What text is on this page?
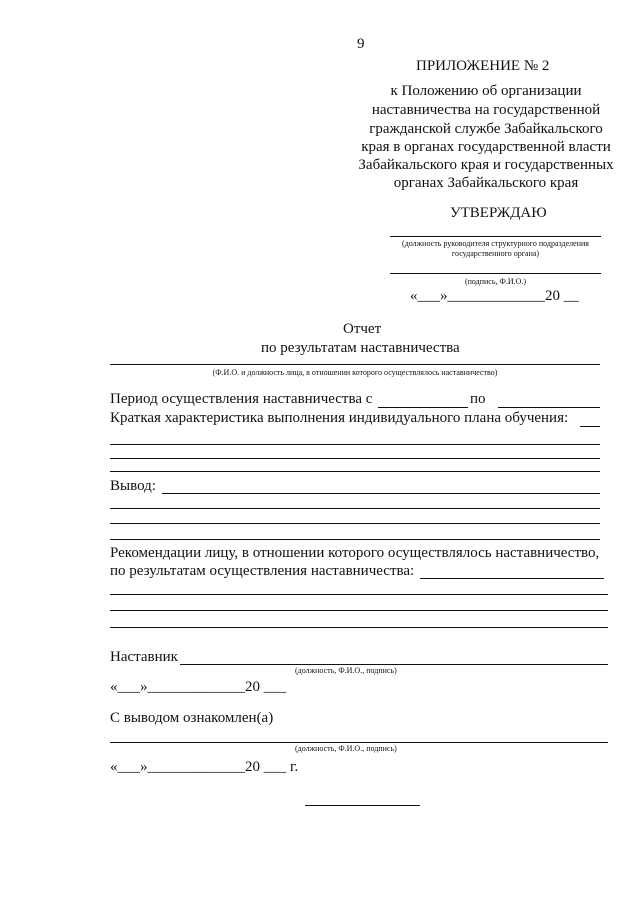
9
ПРИЛОЖЕНИЕ № 2
к Положению об организации
наставничества на государственной
гражданской службе Забайкальского
края в органах государственной власти
Забайкальского края и государственных
органах Забайкальского края
УТВЕРЖДАЮ
(должность руководителя структурного подразделения
государственного органа)
(подпись, Ф.И.О.)
«___»_____________20 __
Отчет
по результатам наставничества
(Ф.И.О. и должность лица, в отношении которого осуществлялось наставничество)
Период осуществления наставничества с	по
Краткая характеристика выполнения индивидуального плана обучения:
Вывод:
Рекомендации лицу, в отношении которого осуществлялось наставничество,
по результатам осуществления наставничества:
Наставник
(должность, Ф.И.О., подпись)
«___»_____________20 ___
С выводом ознакомлен(а)
(должность, Ф.И.О., подпись)
«___»_____________20 ___ г.
